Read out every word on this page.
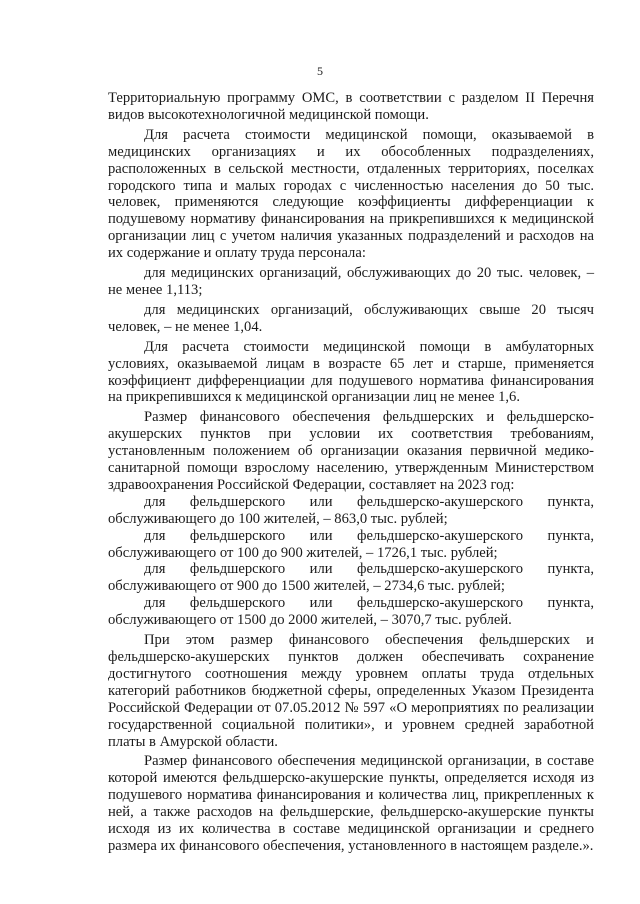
5

Территориальную программу ОМС, в соответствии с разделом II Перечня видов высокотехнологичной медицинской помощи.

Для расчета стоимости медицинской помощи, оказываемой в медицинских организациях и их обособленных подразделениях, расположенных в сельской местности, отдаленных территориях, поселках городского типа и малых городах с численностью населения до 50 тыс. человек, применяются следующие коэффициенты дифференциации к подушевому нормативу финансирования на прикрепившихся к медицинской организации лиц с учетом наличия указанных подразделений и расходов на их содержание и оплату труда персонала:

для медицинских организаций, обслуживающих до 20 тыс. человек, – не менее 1,113;

для медицинских организаций, обслуживающих свыше 20 тысяч человек, – не менее 1,04.

Для расчета стоимости медицинской помощи в амбулаторных условиях, оказываемой лицам в возрасте 65 лет и старше, применяется коэффициент дифференциации для подушевого норматива финансирования на прикрепившихся к медицинской организации лиц не менее 1,6.

Размер финансового обеспечения фельдшерских и фельдшерско-акушерских пунктов при условии их соответствия требованиям, установленным положением об организации оказания первичной медико-санитарной помощи взрослому населению, утвержденным Министерством здравоохранения Российской Федерации, составляет на 2023 год:

для фельдшерского или фельдшерско-акушерского пункта, обслуживающего до 100 жителей, – 863,0 тыс. рублей;

для фельдшерского или фельдшерско-акушерского пункта, обслуживающего от 100 до 900 жителей, – 1726,1 тыс. рублей;

для фельдшерского или фельдшерско-акушерского пункта, обслуживающего от 900 до 1500 жителей, – 2734,6 тыс. рублей;

для фельдшерского или фельдшерско-акушерского пункта, обслуживающего от 1500 до 2000 жителей, – 3070,7 тыс. рублей.

При этом размер финансового обеспечения фельдшерских и фельдшерско-акушерских пунктов должен обеспечивать сохранение достигнутого соотношения между уровнем оплаты труда отдельных категорий работников бюджетной сферы, определенных Указом Президента Российской Федерации от 07.05.2012 № 597 «О мероприятиях по реализации государственной социальной политики», и уровнем средней заработной платы в Амурской области.

Размер финансового обеспечения медицинской организации, в составе которой имеются фельдшерско-акушерские пункты, определяется исходя из подушевого норматива финансирования и количества лиц, прикрепленных к ней, а также расходов на фельдшерские, фельдшерско-акушерские пункты исходя из их количества в составе медицинской организации и среднего размера их финансового обеспечения, установленного в настоящем разделе.».
